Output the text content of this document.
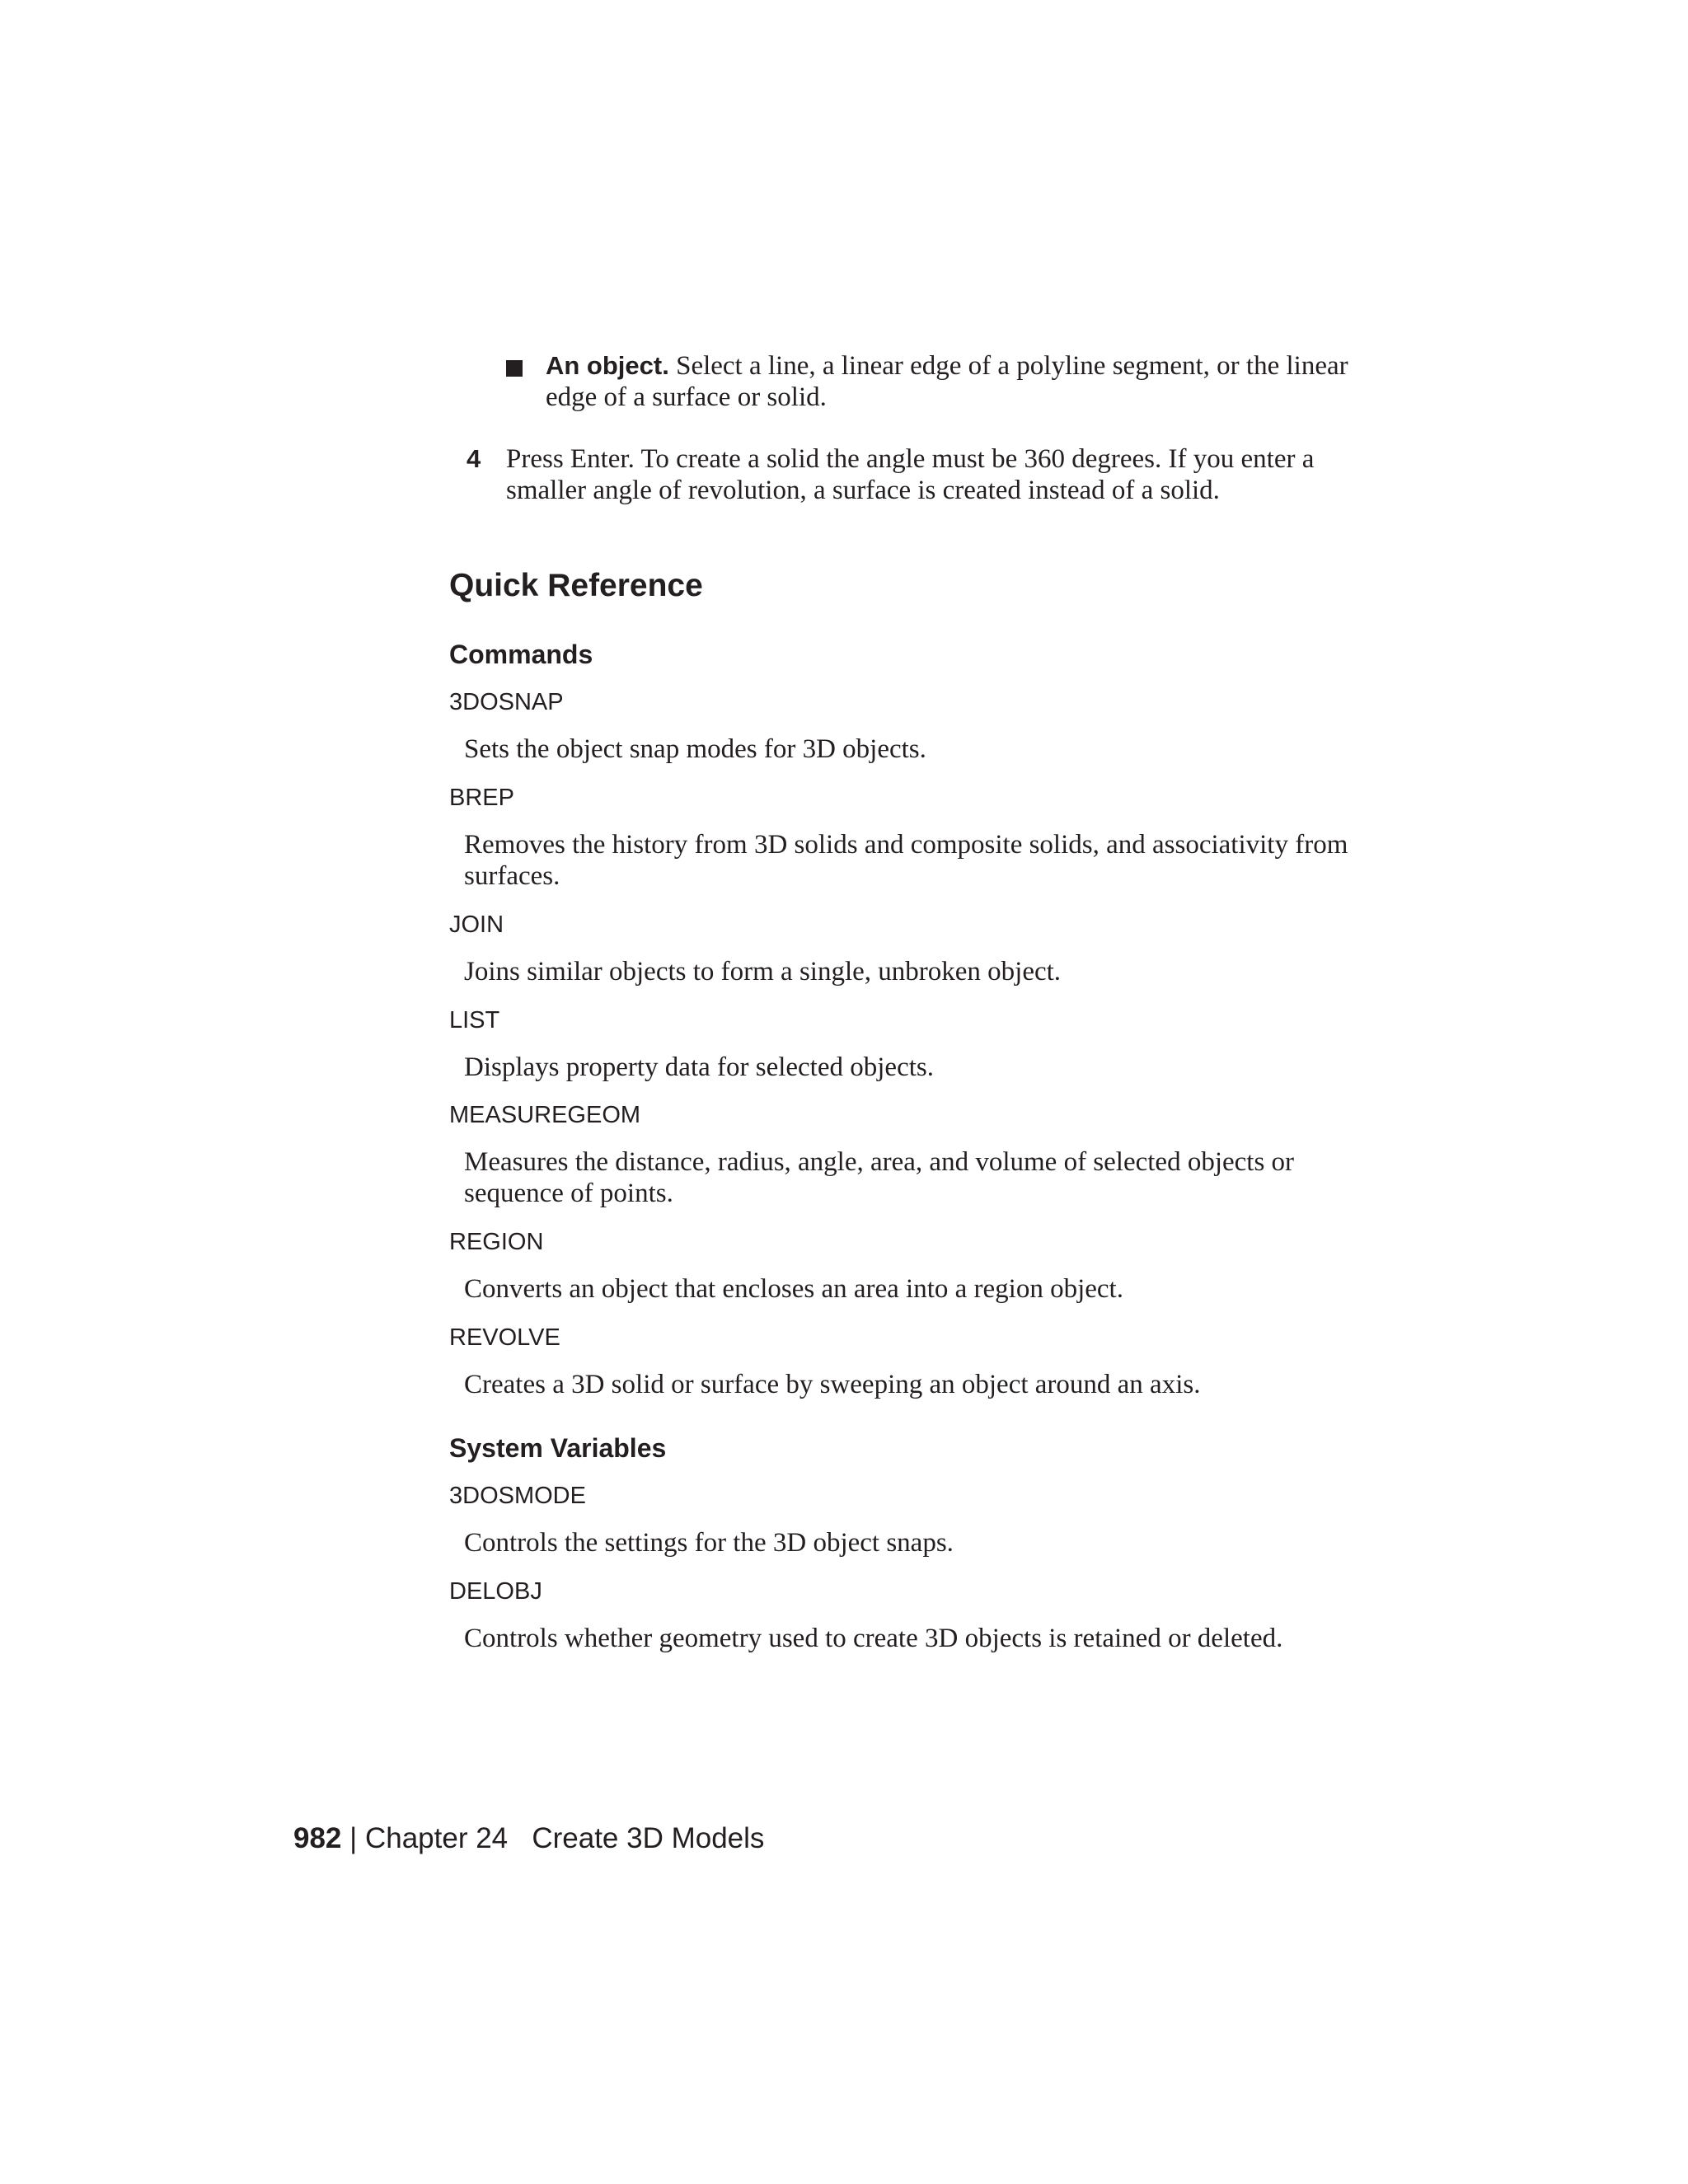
An object. Select a line, a linear edge of a polyline segment, or the linear edge of a surface or solid.
4 Press Enter. To create a solid the angle must be 360 degrees. If you enter a smaller angle of revolution, a surface is created instead of a solid.
Quick Reference
Commands
3DOSNAP
Sets the object snap modes for 3D objects.
BREP
Removes the history from 3D solids and composite solids, and associativity from surfaces.
JOIN
Joins similar objects to form a single, unbroken object.
LIST
Displays property data for selected objects.
MEASUREGEOM
Measures the distance, radius, angle, area, and volume of selected objects or sequence of points.
REGION
Converts an object that encloses an area into a region object.
REVOLVE
Creates a 3D solid or surface by sweeping an object around an axis.
System Variables
3DOSMODE
Controls the settings for the 3D object snaps.
DELOBJ
Controls whether geometry used to create 3D objects is retained or deleted.
982 | Chapter 24 Create 3D Models
